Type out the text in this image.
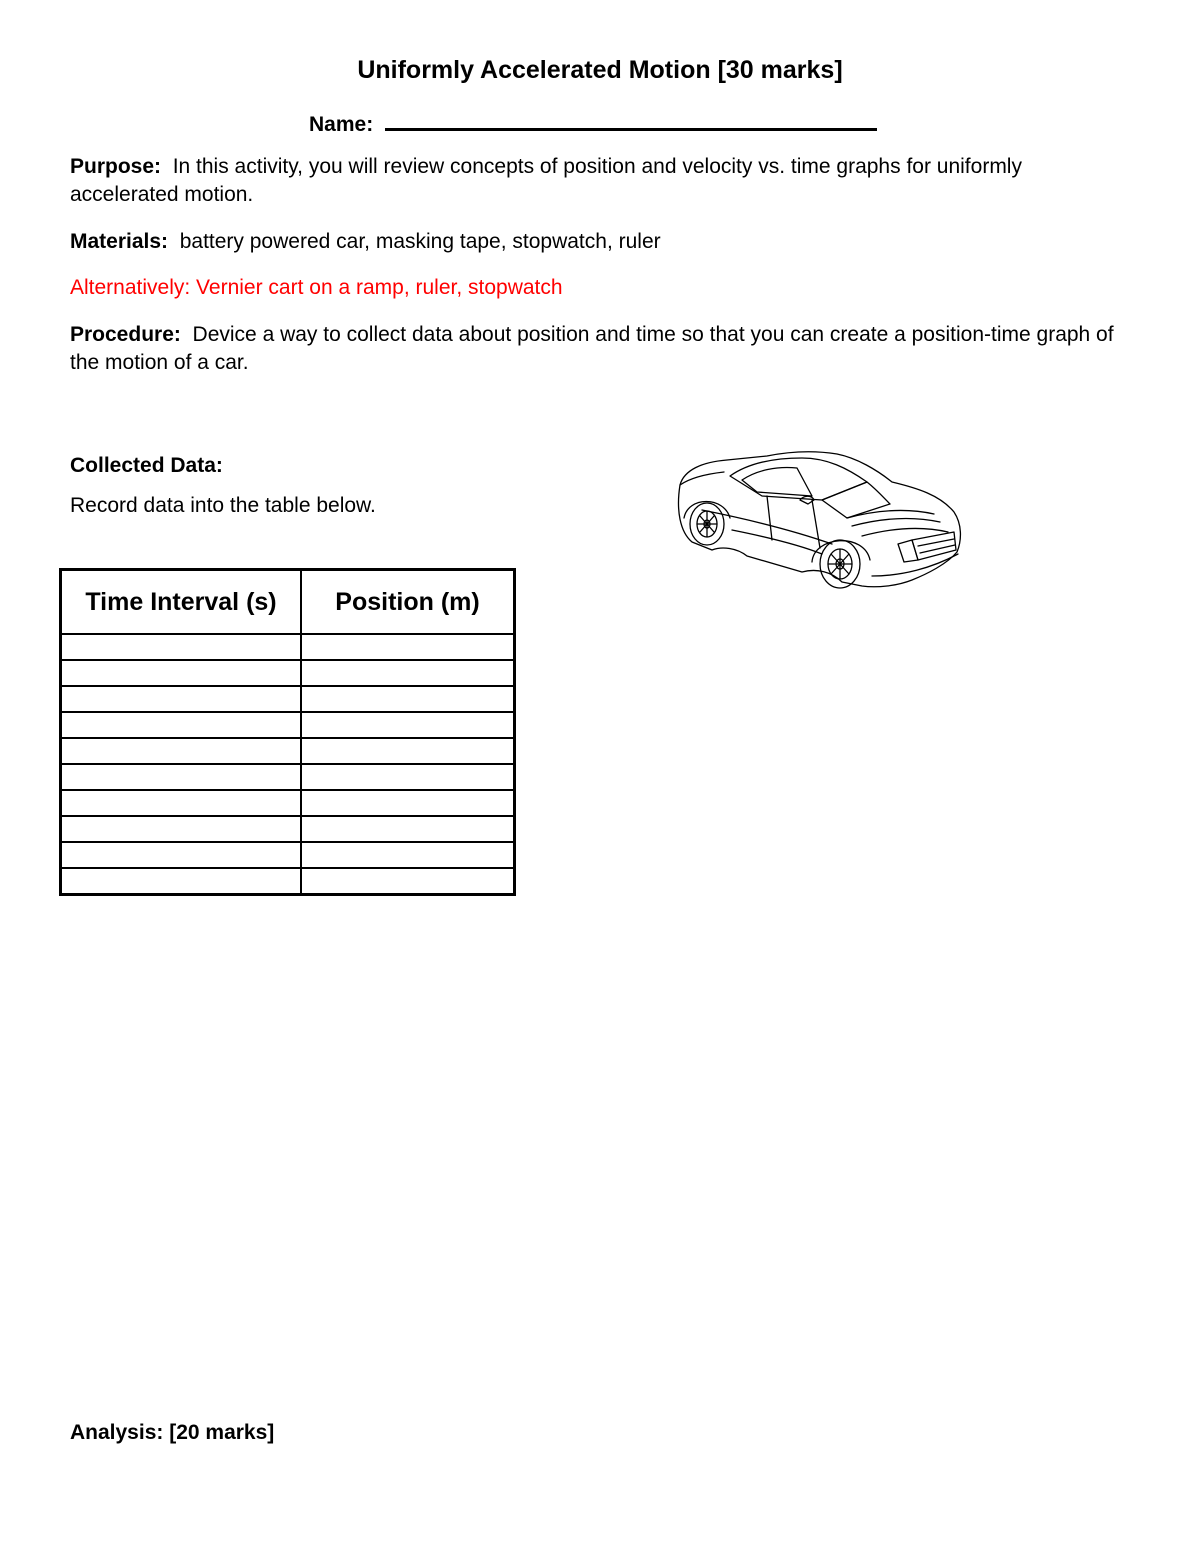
Uniformly Accelerated Motion [30 marks]
Name:
Purpose: In this activity, you will review concepts of position and velocity vs. time graphs for uniformly accelerated motion.
Materials: battery powered car, masking tape, stopwatch, ruler
Alternatively: Vernier cart on a ramp, ruler, stopwatch
Procedure: Device a way to collect data about position and time so that you can create a position-time graph of the motion of a car.
Collected Data:
Record data into the table below.
Time Interval (s)	Position (m)

Analysis: [20 marks]
